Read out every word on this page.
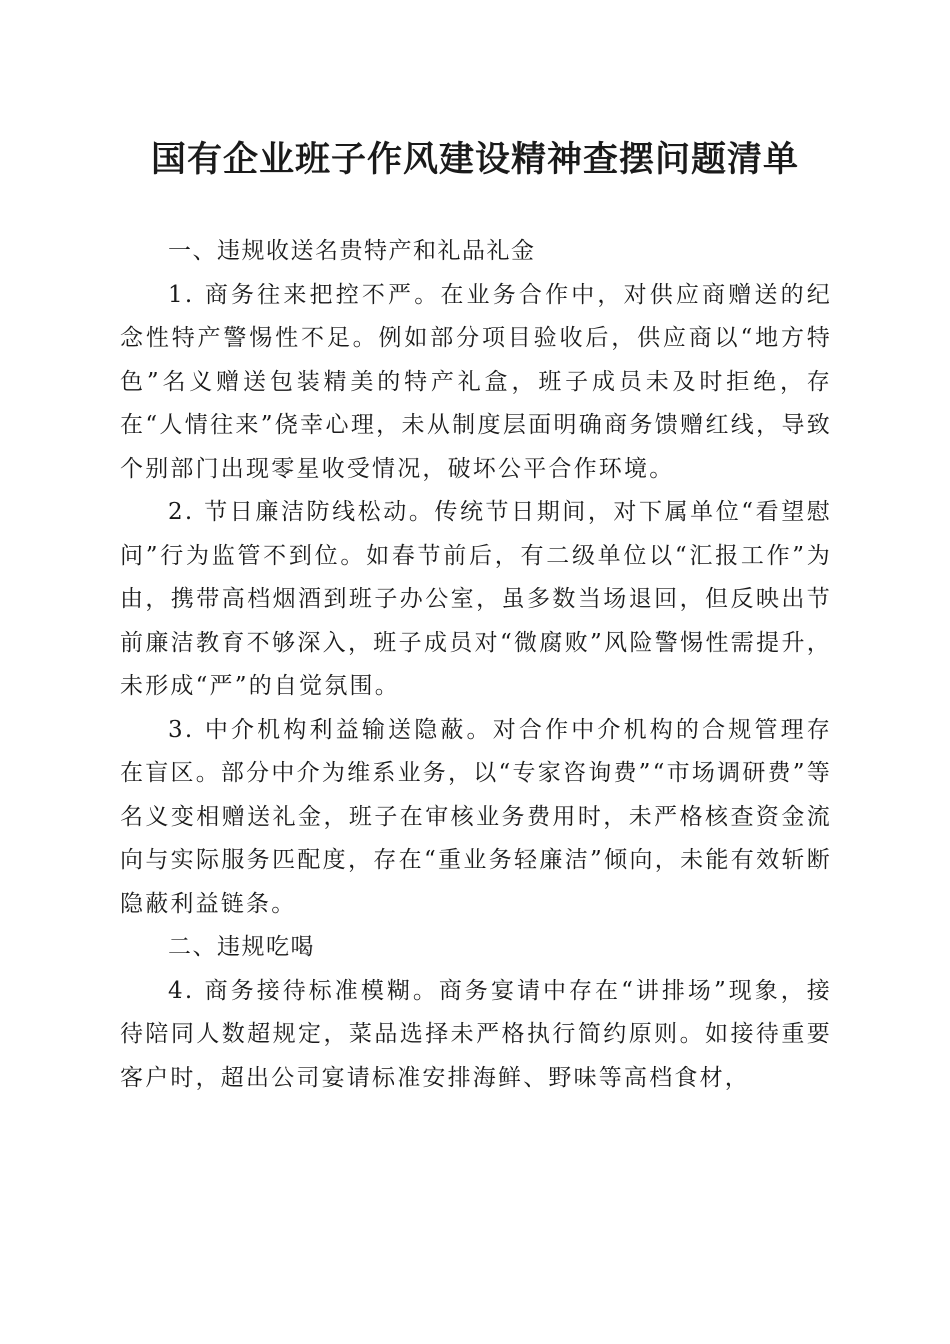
国有企业班子作风建设精神查摆问题清单

一、违规收送名贵特产和礼品礼金

1. 商务往来把控不严。在业务合作中，对供应商赠送的纪念性特产警惕性不足。例如部分项目验收后，供应商以“地方特色”名义赠送包装精美的特产礼盒，班子成员未及时拒绝，存在“人情往来”侥幸心理，未从制度层面明确商务馈赠红线，导致个别部门出现零星收受情况，破坏公平合作环境。

2. 节日廉洁防线松动。传统节日期间，对下属单位“看望慰问”行为监管不到位。如春节前后，有二级单位以“汇报工作”为由，携带高档烟酒到班子办公室，虽多数当场退回，但反映出节前廉洁教育不够深入，班子成员对“微腐败”风险警惕性需提升，未形成“严”的自觉氛围。

3. 中介机构利益输送隐蔽。对合作中介机构的合规管理存在盲区。部分中介为维系业务，以“专家咨询费”“市场调研费”等名义变相赠送礼金，班子在审核业务费用时，未严格核查资金流向与实际服务匹配度，存在“重业务轻廉洁”倾向，未能有效斩断隐蔽利益链条。

二、违规吃喝

4. 商务接待标准模糊。商务宴请中存在“讲排场”现象，接待陪同人数超规定，菜品选择未严格执行简约原则。如接待重要客户时，超出公司宴请标准安排海鲜、野味等高档食材，
